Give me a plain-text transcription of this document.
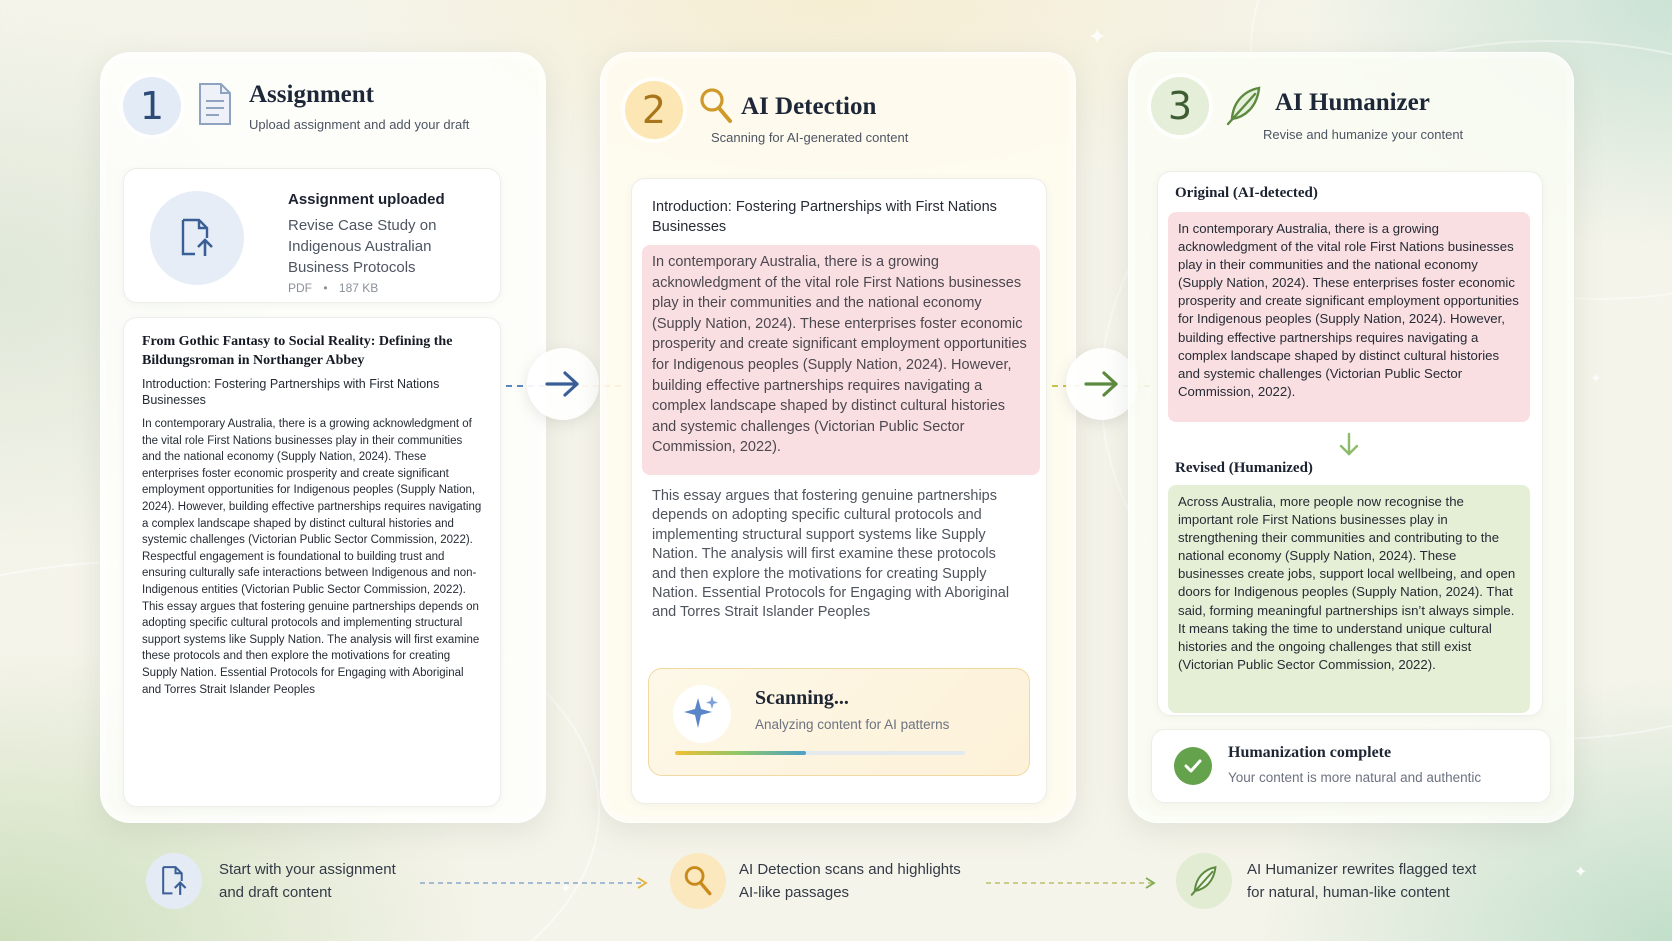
✦
✦
✦
✦
1	Assignment
Upload assignment and add your draft
Assignment uploaded
Revise Case Study on Indigenous Australian Business Protocols
PDF • 187 KB
From Gothic Fantasy to Social Reality: Defining the Bildungsroman in Northanger Abbey
Introduction: Fostering Partnerships with First Nations Businesses
In contemporary Australia, there is a growing acknowledgment of the vital role First Nations businesses play in their communities and the national economy (Supply Nation, 2024). These enterprises foster economic prosperity and create significant employment opportunities for Indigenous peoples (Supply Nation, 2024). However, building effective partnerships requires navigating a complex landscape shaped by distinct cultural histories and systemic challenges (Victorian Public Sector Commission, 2022). Respectful engagement is foundational to building trust and ensuring culturally safe interactions between Indigenous and non-Indigenous entities (Victorian Public Sector Commission, 2022). This essay argues that fostering genuine partnerships depends on adopting specific cultural protocols and implementing structural support systems like Supply Nation. The analysis will first examine these protocols and then explore the motivations for creating Supply Nation. Essential Protocols for Engaging with Aboriginal and Torres Strait Islander Peoples
2	AI Detection
Scanning for AI-generated content
Introduction: Fostering Partnerships with First Nations Businesses
In contemporary Australia, there is a growing acknowledgment of the vital role First Nations businesses play in their communities and the national economy (Supply Nation, 2024). These enterprises foster economic prosperity and create significant employment opportunities for Indigenous peoples (Supply Nation, 2024). However, building effective partnerships requires navigating a complex landscape shaped by distinct cultural histories and systemic challenges (Victorian Public Sector Commission, 2022).
This essay argues that fostering genuine partnerships depends on adopting specific cultural protocols and implementing structural support systems like Supply Nation. The analysis will first examine these protocols and then explore the motivations for creating Supply Nation. Essential Protocols for Engaging with Aboriginal and Torres Strait Islander Peoples
Scanning...
Analyzing content for AI patterns
3	AI Humanizer
Revise and humanize your content
Original (AI-detected)
In contemporary Australia, there is a growing acknowledgment of the vital role First Nations businesses play in their communities and the national economy (Supply Nation, 2024). These enterprises foster economic prosperity and create significant employment opportunities for Indigenous peoples (Supply Nation, 2024). However, building effective partnerships requires navigating a complex landscape shaped by distinct cultural histories and systemic challenges (Victorian Public Sector Commission, 2022).
Revised (Humanized)
Across Australia, more people now recognise the important role First Nations businesses play in strengthening their communities and contributing to the national economy (Supply Nation, 2024). These businesses create jobs, support local wellbeing, and open doors for Indigenous peoples (Supply Nation, 2024). That said, forming meaningful partnerships isn’t always simple. It means taking the time to understand unique cultural histories and the ongoing challenges that still exist (Victorian Public Sector Commission, 2022).
Humanization complete
Your content is more natural and authentic
Start with your assignment
and draft content
AI Detection scans and highlights
AI-like passages
AI Humanizer rewrites flagged text
for natural, human-like content
